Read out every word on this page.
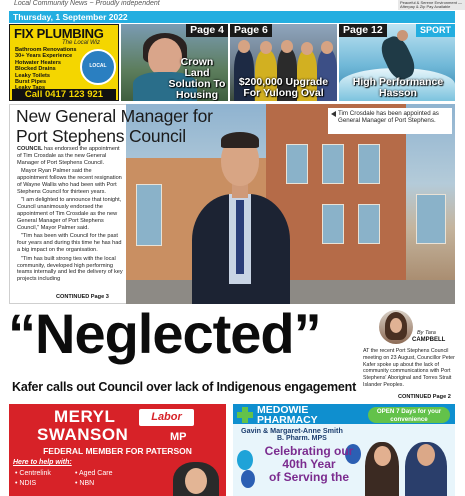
Local Community News ~ Proudly independent	Peaceful & Serene Environment — Afterpay & Zip Pay Available
Thursday, 1 September 2022
FIX PLUMBING
The Local Wiz
Bathroom Renovations
30+ Years Experience
Hotwater Heaters
Blocked Drains
Leaky Toilets
Burst Pipes
LOCAL
Call 0417 123 921
Page 4
Crown Land Solution To Housing
Page 6
$200,000 Upgrade For Yulong Oval
Page 12	SPORT
High Performance Hasson
New General Manager for
Port Stephens Council
Tim Crosdale has been appointed as General Manager of Port Stephens.

COUNCIL has endorsed the appointment of Tim Crosdale as the new General Manager of Port Stephens Council.

Mayor Ryan Palmer said the appointment follows the recent resignation of Wayne Wallis who had been with Port Stephens Council for thirteen years.

"I am delighted to announce that tonight, Council unanimously endorsed the appointment of Tim Crosdale as the new General Manager of Port Stephens Council," Mayor Palmer said.

"Tim has been with Council for the past four years and during this time he has had a big impact on the organisation.

"Tim has built strong ties with the local community, developed high performing teams internally and led the delivery of key projects including

CONTINUED Page 3
“Neglected”
Kafer calls out Council over lack of Indigenous engagement
By Tara
CAMPBELL
AT the recent Port Stephens Council meeting on 23 August, Councillor Peter Kafer spoke up about the lack of community communications with Port Stephens' Aboriginal and Torres Strait Islander Peoples.
CONTINUED Page 2
MERYL	Labor
SWANSON	MP
FEDERAL MEMBER FOR PATERSON
Here to help with:
• Centrelink
• NDIS
• Aged Care
• NBN
MEDOWIE
PHARMACY
OPEN 7 Days for your convenience
Gavin & Margaret-Anne Smith
B. Pharm. MPS
Celebrating our
40th Year
of Serving the
